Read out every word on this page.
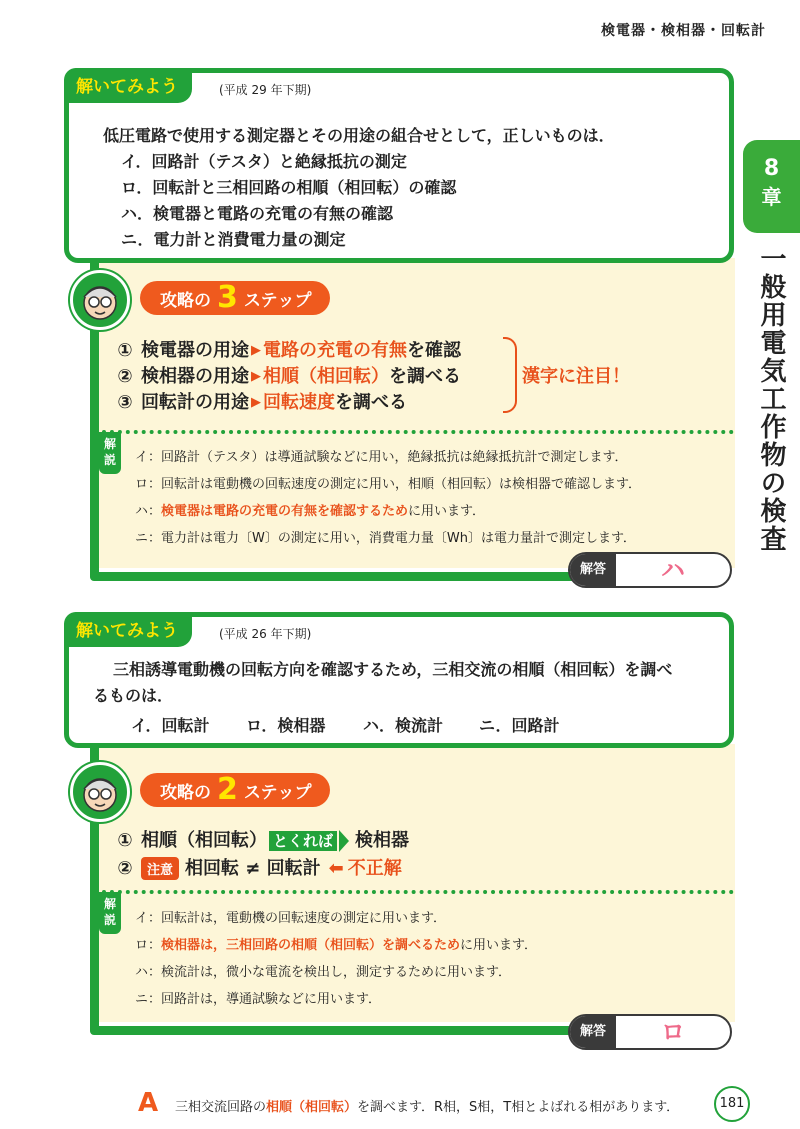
検電器・検相器・回転計
8
章
一般用電気工作物の検査
解いてみよう	(平成 29 年下期)
低圧電路で使用する測定器とその用途の組合せとして，正しいものは．
イ．回路計（テスタ）と絶縁抵抗の測定
ロ．回転計と三相回路の相順（相回転）の確認
ハ．検電器と電路の充電の有無の確認
ニ．電力計と消費電力量の測定
攻略の 3 ステップ
① 検電器の用途 ▶ 電路の充電の有無を確認
② 検相器の用途 ▶ 相順（相回転）を調べる
③ 回転計の用途 ▶ 回転速度を調べる
漢字に注目！
解
説	イ：回路計（テスタ）は導通試験などに用い，絶縁抵抗は絶縁抵抗計で測定します．
ロ：回転計は電動機の回転速度の測定に用い，相順（相回転）は検相器で確認します．
ハ：検電器は電路の充電の有無を確認するために用います．
ニ：電力計は電力〔W〕の測定に用い，消費電力量〔Wh〕は電力量計で測定します．
解答	ハ
解いてみよう	(平成 26 年下期)
三相誘導電動機の回転方向を確認するため，三相交流の相順（相回転）を調べ
るものは．
イ．回転計 ロ．検相器 ハ．検流計 ニ．回路計
攻略の 2 ステップ
① 相順（相回転） とくれば 検相器
② 注意 相回転 ≠ 回転計 ⬅ 不正解
解
説	イ：回転計は，電動機の回転速度の測定に用います．
ロ：検相器は，三相回路の相順（相回転）を調べるために用います．
ハ：検流計は，微小な電流を検出し，測定するために用います．
ニ：回路計は，導通試験などに用います．
解答	ロ
A 三相交流回路の相順（相回転）を調べます．R相，S相，T相とよばれる相があります．	181
